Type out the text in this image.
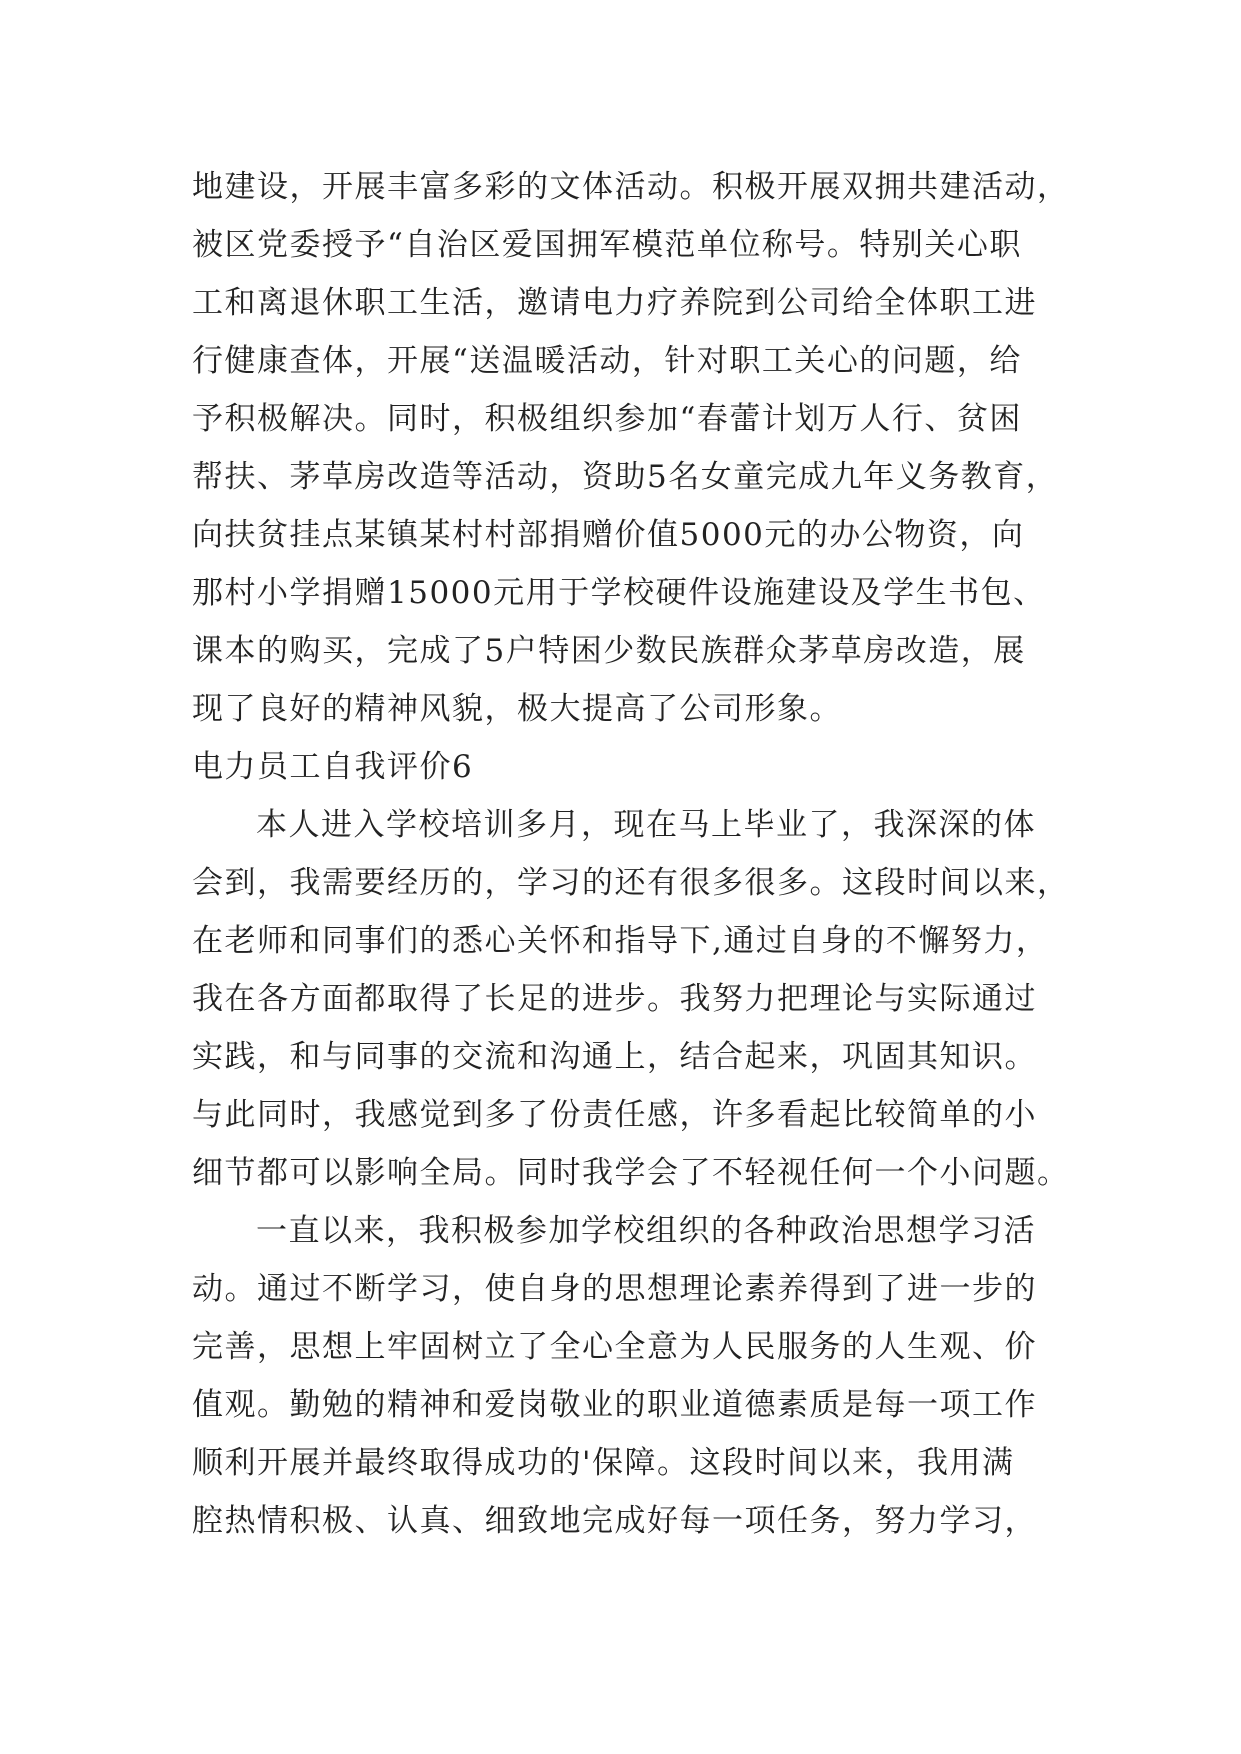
地建设，开展丰富多彩的文体活动。积极开展双拥共建活动，
被区党委授予“自治区爱国拥军模范单位称号。特别关心职
工和离退休职工生活，邀请电力疗养院到公司给全体职工进
行健康查体，开展“送温暖活动，针对职工关心的问题，给
予积极解决。同时，积极组织参加“春蕾计划万人行、贫困
帮扶、茅草房改造等活动，资助5名女童完成九年义务教育，
向扶贫挂点某镇某村村部捐赠价值5000元的办公物资，向
那村小学捐赠15000元用于学校硬件设施建设及学生书包、
课本的购买，完成了5户特困少数民族群众茅草房改造，展
现了良好的精神风貌，极大提高了公司形象。
电力员工自我评价6
本人进入学校培训多月，现在马上毕业了，我深深的体
会到，我需要经历的，学习的还有很多很多。这段时间以来，
在老师和同事们的悉心关怀和指导下,通过自身的不懈努力，
我在各方面都取得了长足的进步。我努力把理论与实际通过
实践，和与同事的交流和沟通上，结合起来，巩固其知识。
与此同时，我感觉到多了份责任感，许多看起比较简单的小
细节都可以影响全局。同时我学会了不轻视任何一个小问题。
一直以来，我积极参加学校组织的各种政治思想学习活
动。通过不断学习，使自身的思想理论素养得到了进一步的
完善，思想上牢固树立了全心全意为人民服务的人生观、价
值观。勤勉的精神和爱岗敬业的职业道德素质是每一项工作
顺利开展并最终取得成功的'保障。这段时间以来，我用满
腔热情积极、认真、细致地完成好每一项任务，努力学习，
